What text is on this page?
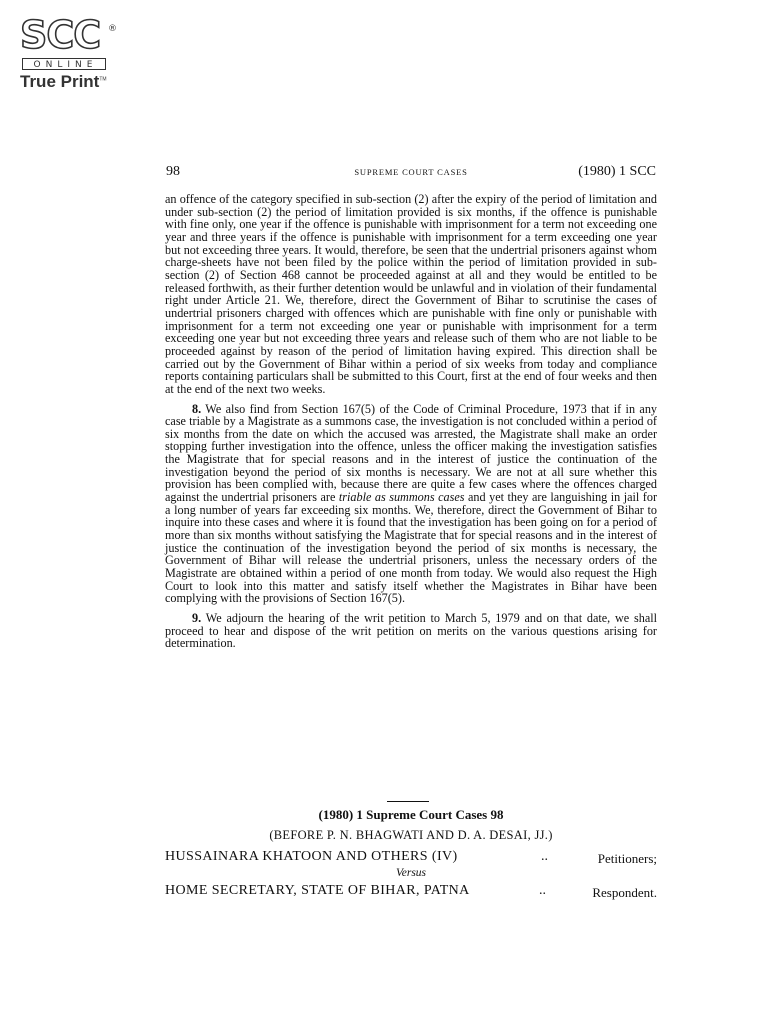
SCC ®
ONLINE
True Print™
98	SUPREME COURT CASES	(1980) 1 SCC

an offence of the category specified in sub-section (2) after the expiry of the period of limitation and under sub-section (2) the period of limitation provided is six months, if the offence is punishable with fine only, one year if the offence is punishable with imprisonment for a term not exceeding one year and three years if the offence is punishable with imprisonment for a term exceeding one year but not exceeding three years. It would, therefore, be seen that the undertrial prisoners against whom charge-sheets have not been filed by the police within the period of limitation provided in sub-section (2) of Section 468 cannot be proceeded against at all and they would be entitled to be released forthwith, as their further detention would be unlawful and in violation of their fundamental right under Article 21. We, therefore, direct the Government of Bihar to scrutinise the cases of undertrial prisoners charged with offences which are punishable with fine only or punishable with imprisonment for a term not exceeding one year or punishable with imprisonment for a term exceeding one year but not exceeding three years and release such of them who are not liable to be proceeded against by reason of the period of limitation having expired. This direction shall be carried out by the Government of Bihar within a period of six weeks from today and compliance reports containing particulars shall be submitted to this Court, first at the end of four weeks and then at the end of the next two weeks.

8. We also find from Section 167(5) of the Code of Criminal Procedure, 1973 that if in any case triable by a Magistrate as a summons case, the investigation is not concluded within a period of six months from the date on which the accused was arrested, the Magistrate shall make an order stopping further investigation into the offence, unless the officer making the investigation satisfies the Magistrate that for special reasons and in the interest of justice the continuation of the investigation beyond the period of six months is necessary. We are not at all sure whether this provision has been complied with, because there are quite a few cases where the offences charged against the undertrial prisoners are triable as summons cases and yet they are languishing in jail for a long number of years far exceeding six months. We, therefore, direct the Government of Bihar to inquire into these cases and where it is found that the investigation has been going on for a period of more than six months without satisfying the Magistrate that for special reasons and in the interest of justice the continuation of the investigation beyond the period of six months is necessary, the Government of Bihar will release the undertrial prisoners, unless the necessary orders of the Magistrate are obtained within a period of one month from today. We would also request the High Court to look into this matter and satisfy itself whether the Magistrates in Bihar have been complying with the provisions of Section 167(5).

9. We adjourn the hearing of the writ petition to March 5, 1979 and on that date, we shall proceed to hear and dispose of the writ petition on merits on the various questions arising for determination.

(1980) 1 Supreme Court Cases 98
(BEFORE P. N. BHAGWATI AND D. A. DESAI, JJ.)
HUSSAINARA KHATOON AND OTHERS (IV)	..	Petitioners;
Versus
HOME SECRETARY, STATE OF BIHAR, PATNA	..	Respondent.
